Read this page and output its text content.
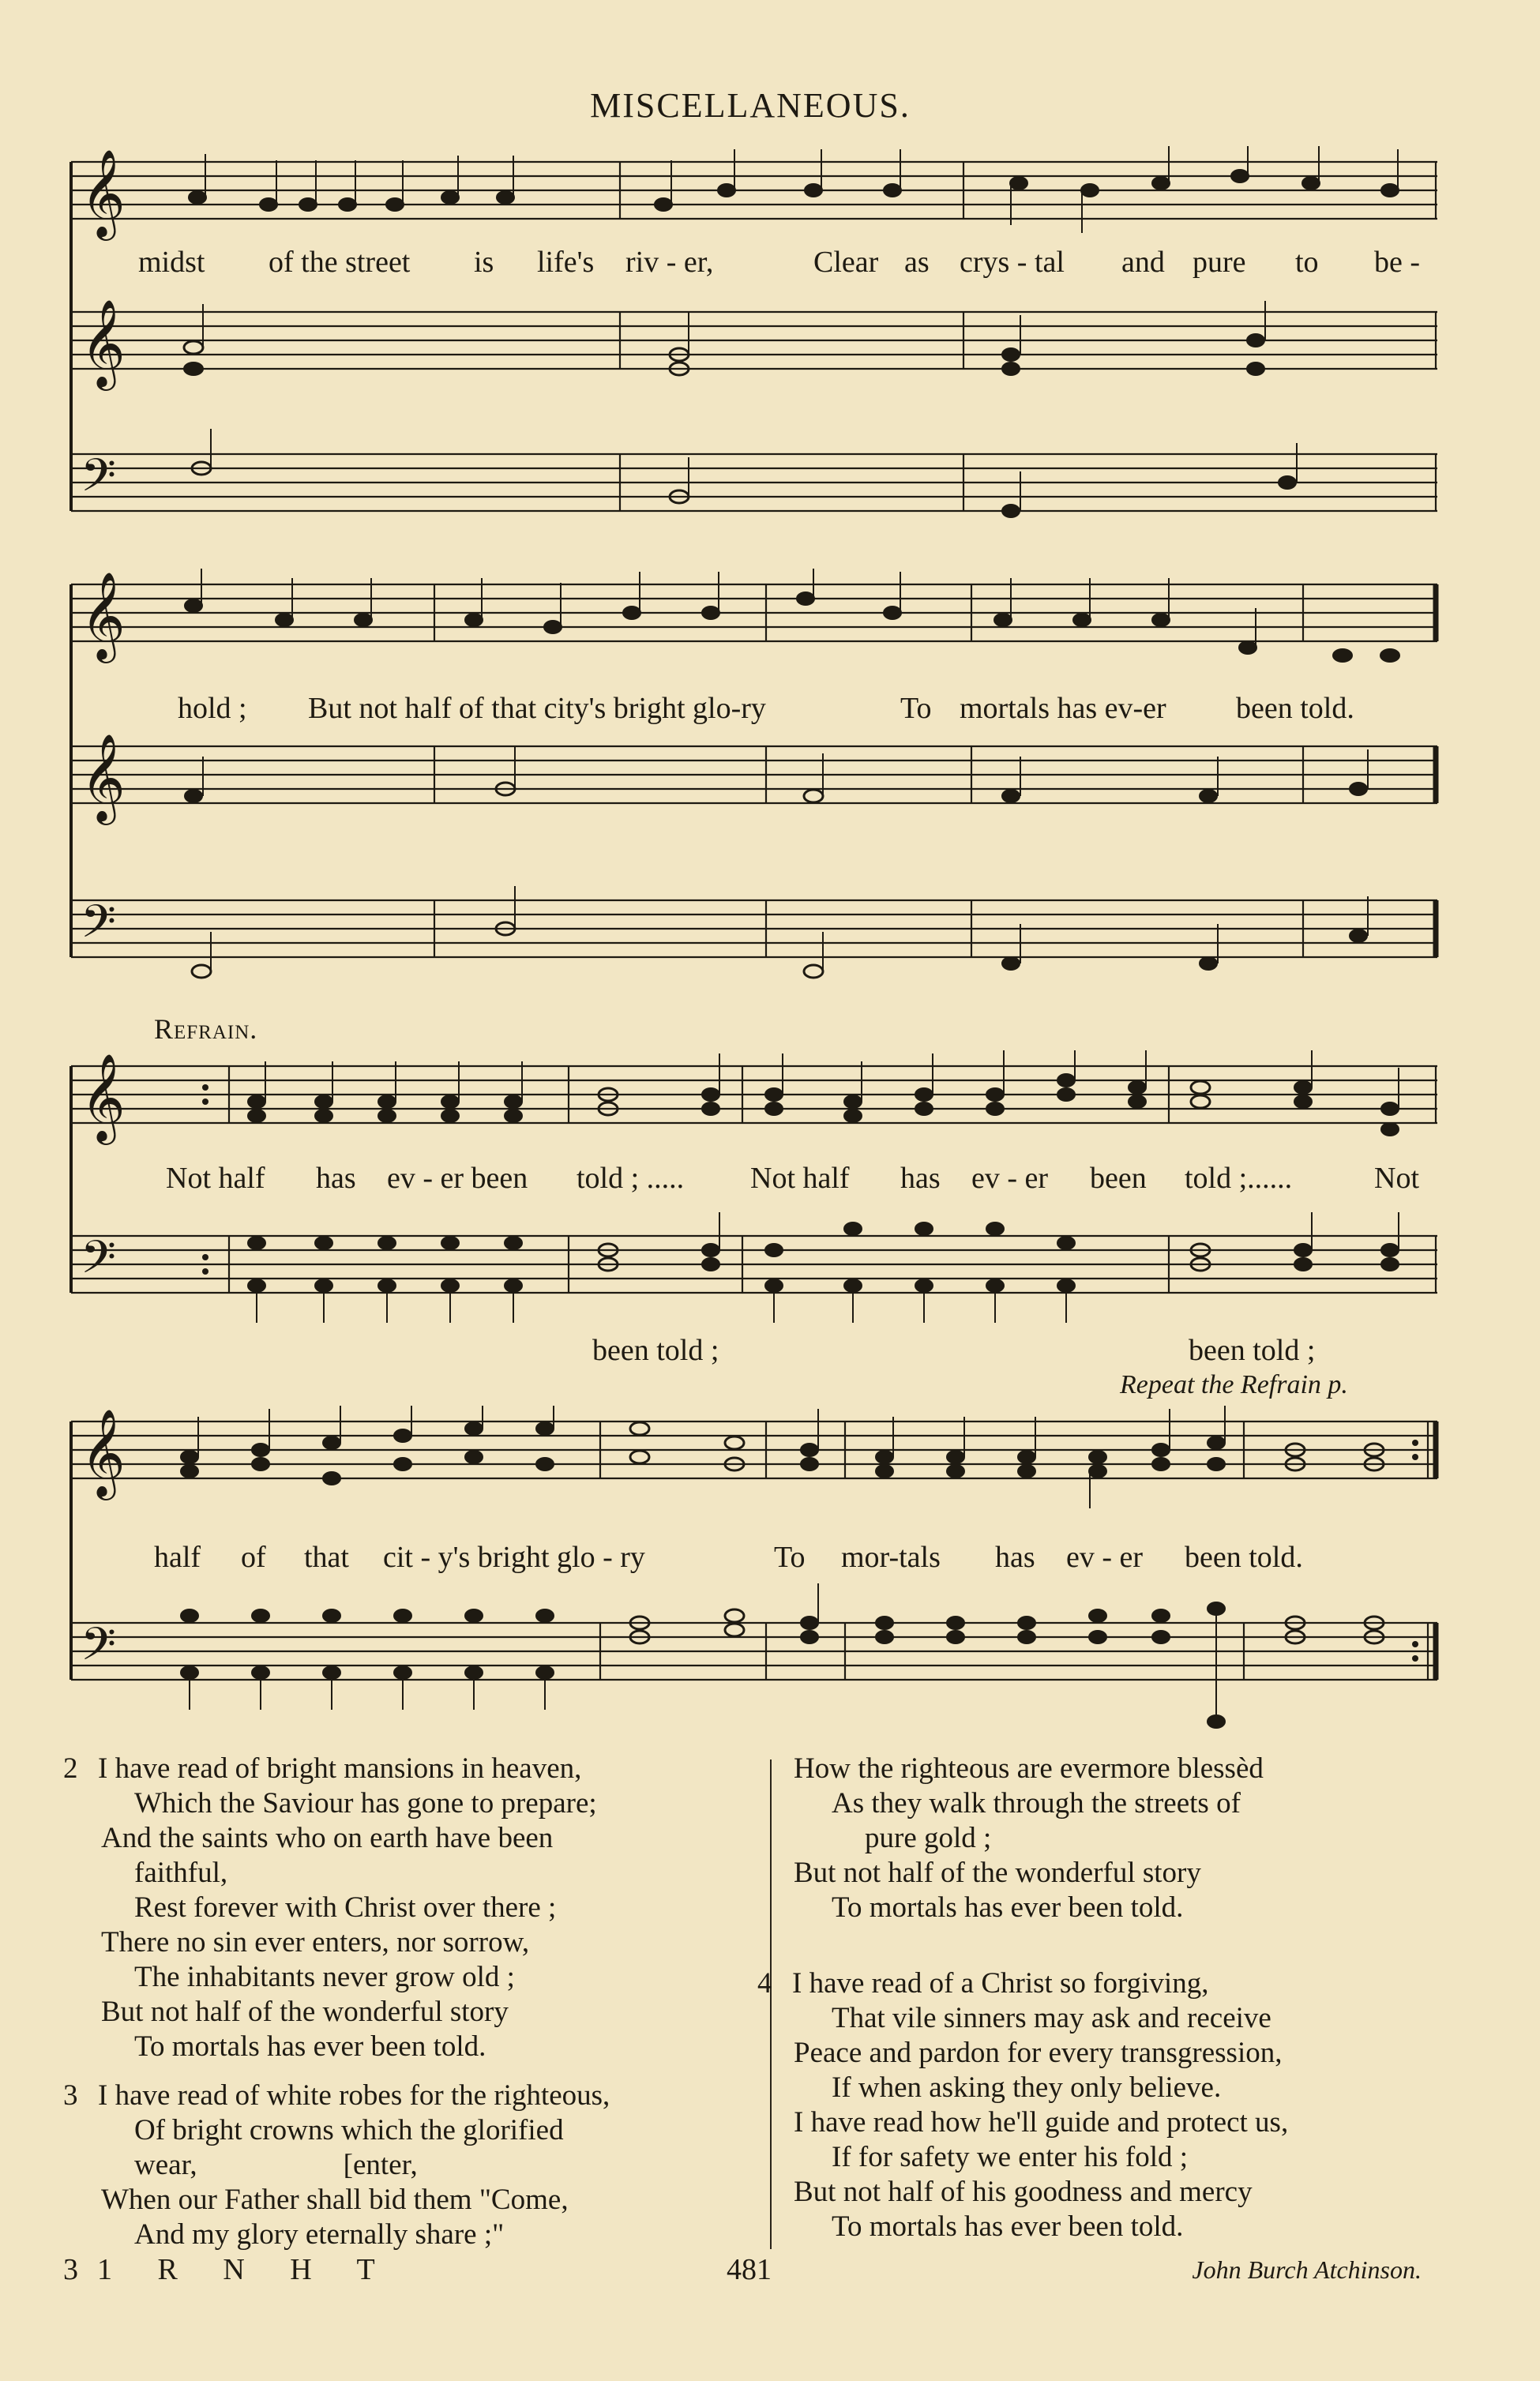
MISCELLANEOUS.
𝄞
𝄞
𝄢
midst of the street is life's riv - er,	Clear as crys - tal and pure to be -
𝄞
𝄞
𝄢
hold ; But not half of that city's bright glo-ry	To mortals has ev-er been told.
Refrain.
𝄞
𝄢
Not half has ev - er been told ; ..... Not half has ev - er been told ;......	Not
been told ;	been told ;
Repeat the Refrain p.
𝄞
𝄢
half of that cit - y's bright glo - ry	To mor-tals has ev - er been told.
2 I have read of bright mansions in heaven,
Which the Saviour has gone to prepare;
And the saints who on earth have been
faithful,
Rest forever with Christ over there ;
There no sin ever enters, nor sorrow,
The inhabitants never grow old ;
But not half of the wonderful story
To mortals has ever been told.
3 I have read of white robes for the righteous,
Of bright crowns which the glorified
wear,                    [enter,
When our Father shall bid them "Come,
And my glory eternally share ;"
How the righteous are evermore blessèd
As they walk through the streets of
pure gold ;
But not half of the wonderful story
To mortals has ever been told.
4 I have read of a Christ so forgiving,
That vile sinners may ask and receive
Peace and pardon for every transgression,
If when asking they only believe.
I have read how he'll guide and protect us,
If for safety we enter his fold ;
But not half of his goodness and mercy
To mortals has ever been told.
31 R N H T	481	John Burch Atchinson.
